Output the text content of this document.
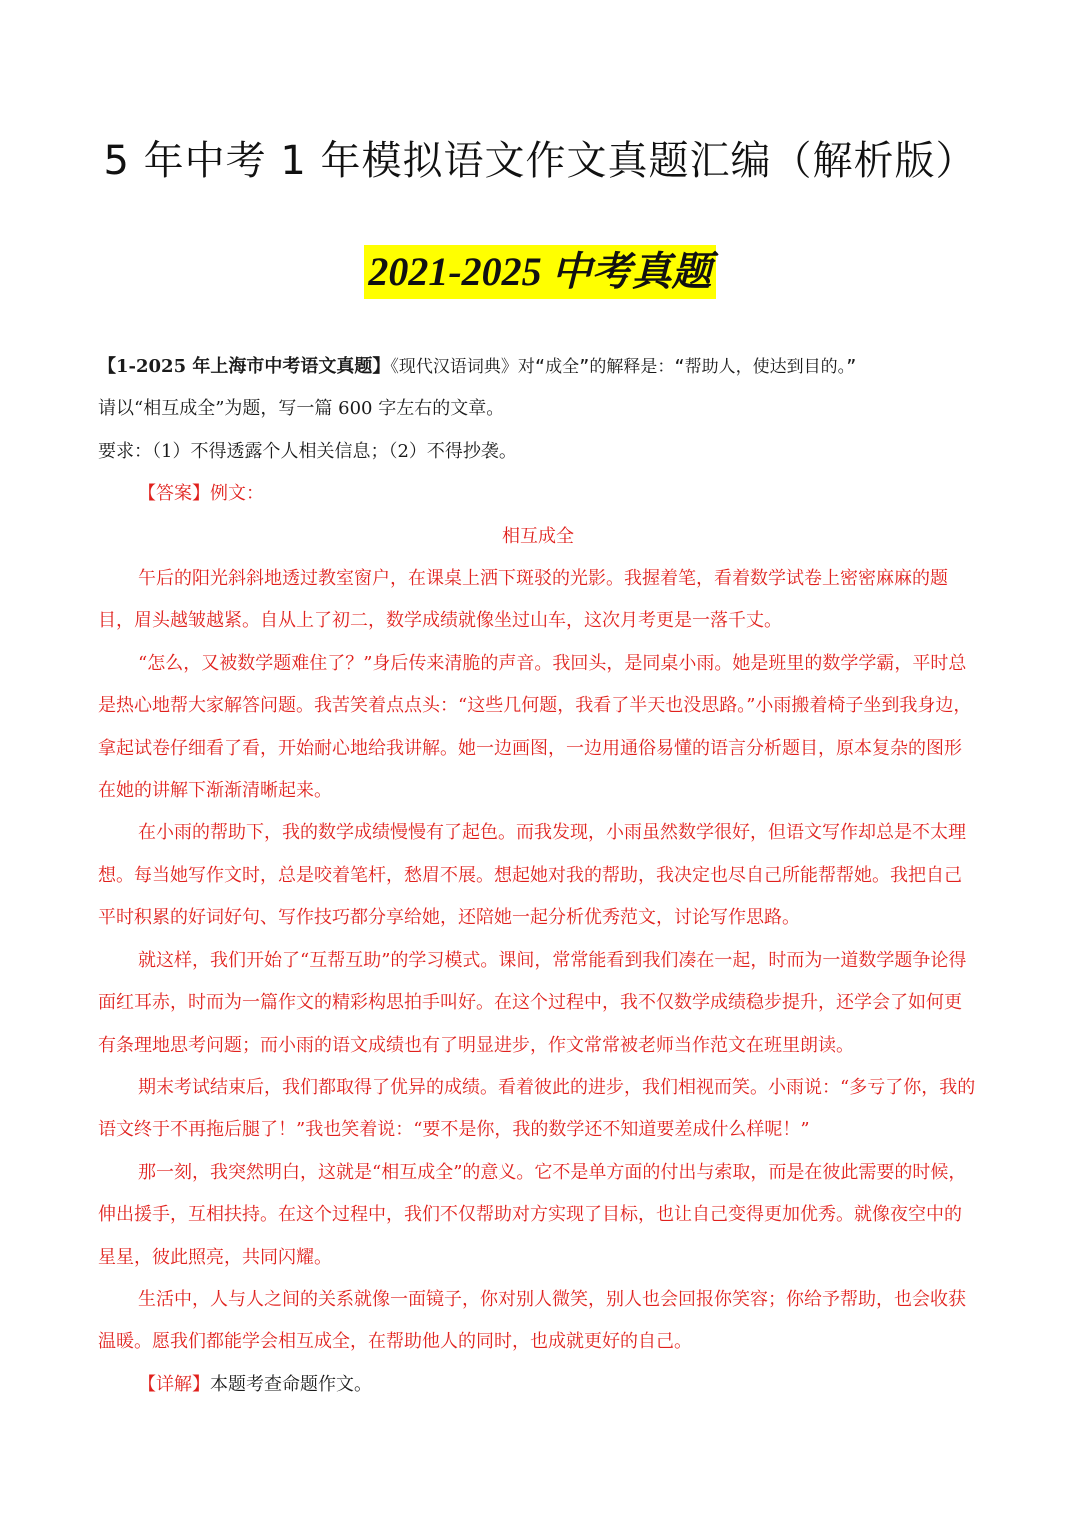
5 年中考 1 年模拟语文作文真题汇编（解析版）
2021-2025 中考真题

【1-2025 年上海市中考语文真题】《现代汉语词典》对“成全”的解释是：“帮助人，使达到目的。”

请以“相互成全”为题，写一篇 600 字左右的文章。

要求：（1）不得透露个人相关信息；（2）不得抄袭。

【答案】例文：

相互成全

午后的阳光斜斜地透过教室窗户，在课桌上洒下斑驳的光影。我握着笔，看着数学试卷上密密麻麻的题目，眉头越皱越紧。自从上了初二，数学成绩就像坐过山车，这次月考更是一落千丈。

“怎么，又被数学题难住了？”身后传来清脆的声音。我回头，是同桌小雨。她是班里的数学学霸，平时总是热心地帮大家解答问题。我苦笑着点点头：“这些几何题，我看了半天也没思路。”小雨搬着椅子坐到我身边，拿起试卷仔细看了看，开始耐心地给我讲解。她一边画图，一边用通俗易懂的语言分析题目，原本复杂的图形在她的讲解下渐渐清晰起来。

在小雨的帮助下，我的数学成绩慢慢有了起色。而我发现，小雨虽然数学很好，但语文写作却总是不太理想。每当她写作文时，总是咬着笔杆，愁眉不展。想起她对我的帮助，我决定也尽自己所能帮帮她。我把自己平时积累的好词好句、写作技巧都分享给她，还陪她一起分析优秀范文，讨论写作思路。

就这样，我们开始了“互帮互助”的学习模式。课间，常常能看到我们凑在一起，时而为一道数学题争论得面红耳赤，时而为一篇作文的精彩构思拍手叫好。在这个过程中，我不仅数学成绩稳步提升，还学会了如何更有条理地思考问题；而小雨的语文成绩也有了明显进步，作文常常被老师当作范文在班里朗读。

期末考试结束后，我们都取得了优异的成绩。看着彼此的进步，我们相视而笑。小雨说：“多亏了你，我的语文终于不再拖后腿了！”我也笑着说：“要不是你，我的数学还不知道要差成什么样呢！”

那一刻，我突然明白，这就是“相互成全”的意义。它不是单方面的付出与索取，而是在彼此需要的时候，伸出援手，互相扶持。在这个过程中，我们不仅帮助对方实现了目标，也让自己变得更加优秀。就像夜空中的星星，彼此照亮，共同闪耀。

生活中，人与人之间的关系就像一面镜子，你对别人微笑，别人也会回报你笑容；你给予帮助，也会收获温暖。愿我们都能学会相互成全，在帮助他人的同时，也成就更好的自己。

【详解】本题考查命题作文。
